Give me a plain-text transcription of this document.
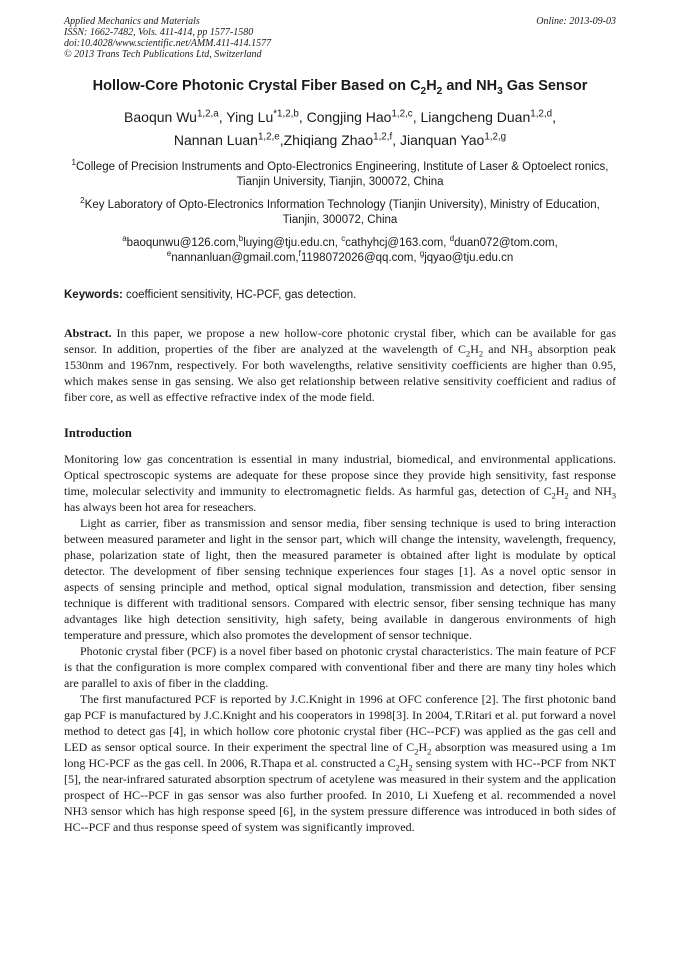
Applied Mechanics and Materials
ISSN: 1662-7482, Vols. 411-414, pp 1577-1580
doi:10.4028/www.scientific.net/AMM.411-414.1577
© 2013 Trans Tech Publications Ltd, Switzerland
Online: 2013-09-03
Hollow-Core Photonic Crystal Fiber Based on $C_2H_2$ and $NH_3$ Gas Sensor
Baoqun Wu$^{1,2,a}$, Ying Lu$^{*1,2,b}$, Congjing Hao$^{1,2,c}$, Liangcheng Duan$^{1,2,d}$,
Nannan Luan$^{1,2,e}$,Zhiqiang Zhao$^{1,2,f}$, Jianquan Yao$^{1,2,g}$
$^1$College of Precision Instruments and Opto-Electronics Engineering, Institute of Laser & Optoelect ronics, Tianjin University, Tianjin, 300072, China
$^2$Key Laboratory of Opto-Electronics Information Technology (Tianjin University), Ministry of Education, Tianjin, 300072, China
$^a$baoqunwu@126.com,$^b$luying@tju.edu.cn, $^c$cathyhcj@163.com, $^d$duan072@tom.com,
$^e$nannanluan@gmail.com,$^f$1198072026@qq.com, $^g$jqyao@tju.edu.cn
Keywords: coefficient sensitivity, HC-PCF, gas detection.
Abstract. In this paper, we propose a new hollow-core photonic crystal fiber, which can be available for gas sensor. In addition, properties of the fiber are analyzed at the wavelength of $C_2H_2$ and $NH_3$ absorption peak 1530nm and 1967nm, respectively. For both wavelengths, relative sensitivity coefficients are higher than 0.95, which makes sense in gas sensing. We also get relationship between relative sensitivity coefficient and radius of fiber core, as well as effective refractive index of the mode field.
Introduction

Monitoring low gas concentration is essential in many industrial, biomedical, and environmental applications. Optical spectroscopic systems are adequate for these propose since they provide high sensitivity, fast response time, molecular selectivity and immunity to electromagnetic fields. As harmful gas, detection of $C_2H_2$ and $NH_3$ has always been hot area for reseachers.

Light as carrier, fiber as transmission and sensor media, fiber sensing technique is used to bring interaction between measured parameter and light in the sensor part, which will change the intensity, wavelength, frequency, phase, polarization state of light, then the measured parameter is obtained after light is modulate by optical detector. The development of fiber sensing technique experiences four stages [1]. As a novel optic sensor in aspects of sensing principle and method, optical signal modulation, transmission and detection, fiber sensing technique is different with traditional sensors. Compared with electric sensor, fiber sensing technique has many advantages like high detection sensitivity, high safety, being available in dangerous environments of high temperature and pressure, which also promotes the development of sensor technique.

Photonic crystal fiber (PCF) is a novel fiber based on photonic crystal characteristics. The main feature of PCF is that the configuration is more complex compared with conventional fiber and there are many tiny holes which are parallel to axis of fiber in the cladding.

The first manufactured PCF is reported by J.C.Knight in 1996 at OFC conference [2]. The first photonic band gap PCF is manufactured by J.C.Knight and his cooperators in 1998[3]. In 2004, T.Ritari et al. put forward a novel method to detect gas [4], in which hollow core photonic crystal fiber (HC--PCF) was applied as the gas cell and LED as sensor optical source. In their experiment the spectral line of $C_2H_2$ absorption was measured using a 1m long HC-PCF as the gas cell. In 2006, R.Thapa et al. constructed a $C_2H_2$ sensing system with HC--PCF from NKT [5], the near-infrared saturated absorption spectrum of acetylene was measured in their system and the application prospect of HC--PCF in gas sensor was also further proofed. In 2010, Li Xuefeng et al. recommended a novel NH3 sensor which has high response speed [6], in the system pressure difference was introduced in both sides of HC--PCF and thus response speed of system was significantly improved.
